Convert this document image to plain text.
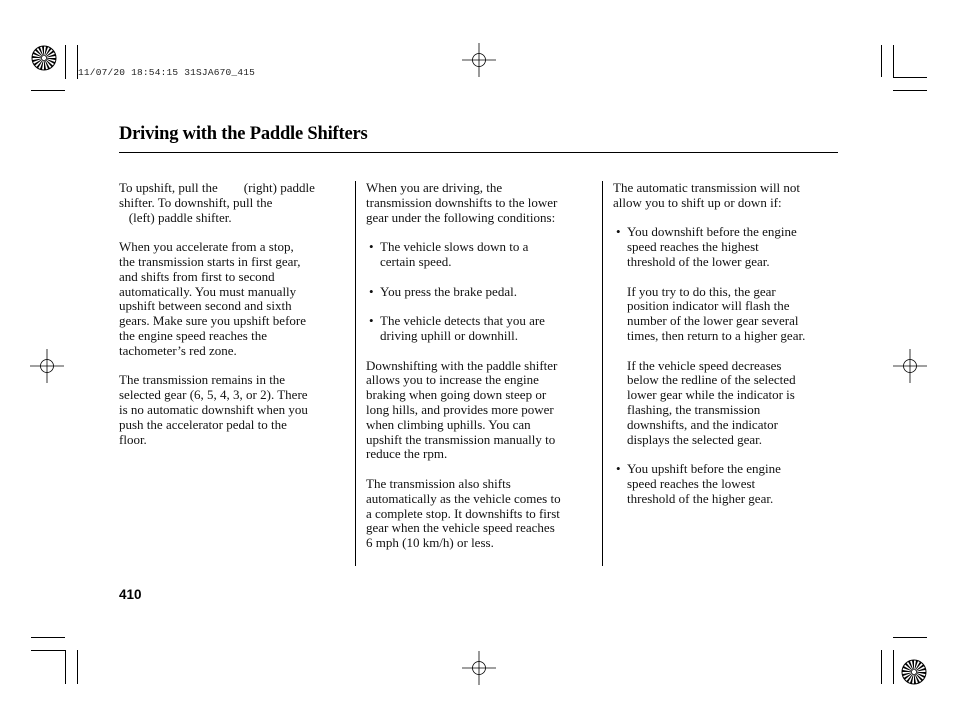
11/07/20 18:54:15 31SJA670_415
Driving with the Paddle Shifters

To upshift, pull the        (right) paddle

shifter. To downshift, pull the

(left) paddle shifter.

When you accelerate from a stop,
the transmission starts in first gear,
and shifts from first to second
automatically. You must manually
upshift between second and sixth
gears. Make sure you upshift before
the engine speed reaches the
tachometer’s red zone.
The transmission remains in the
selected gear (6, 5, 4, 3, or 2). There
is no automatic downshift when you
push the accelerator pedal to the
floor.
When you are driving, the
transmission downshifts to the lower
gear under the following conditions:
• The vehicle slows down to a
certain speed.
• You press the brake pedal.
• The vehicle detects that you are
driving uphill or downhill.
Downshifting with the paddle shifter
allows you to increase the engine
braking when going down steep or
long hills, and provides more power
when climbing uphills. You can
upshift the transmission manually to
reduce the rpm.
The transmission also shifts
automatically as the vehicle comes to
a complete stop. It downshifts to first
gear when the vehicle speed reaches
6 mph (10 km/h) or less.
The automatic transmission will not
allow you to shift up or down if:
• You downshift before the engine
speed reaches the highest
threshold of the lower gear.
If you try to do this, the gear
position indicator will flash the
number of the lower gear several
times, then return to a higher gear.
If the vehicle speed decreases
below the redline of the selected
lower gear while the indicator is
flashing, the transmission
downshifts, and the indicator
displays the selected gear.
• You upshift before the engine
speed reaches the lowest
threshold of the higher gear.
410
